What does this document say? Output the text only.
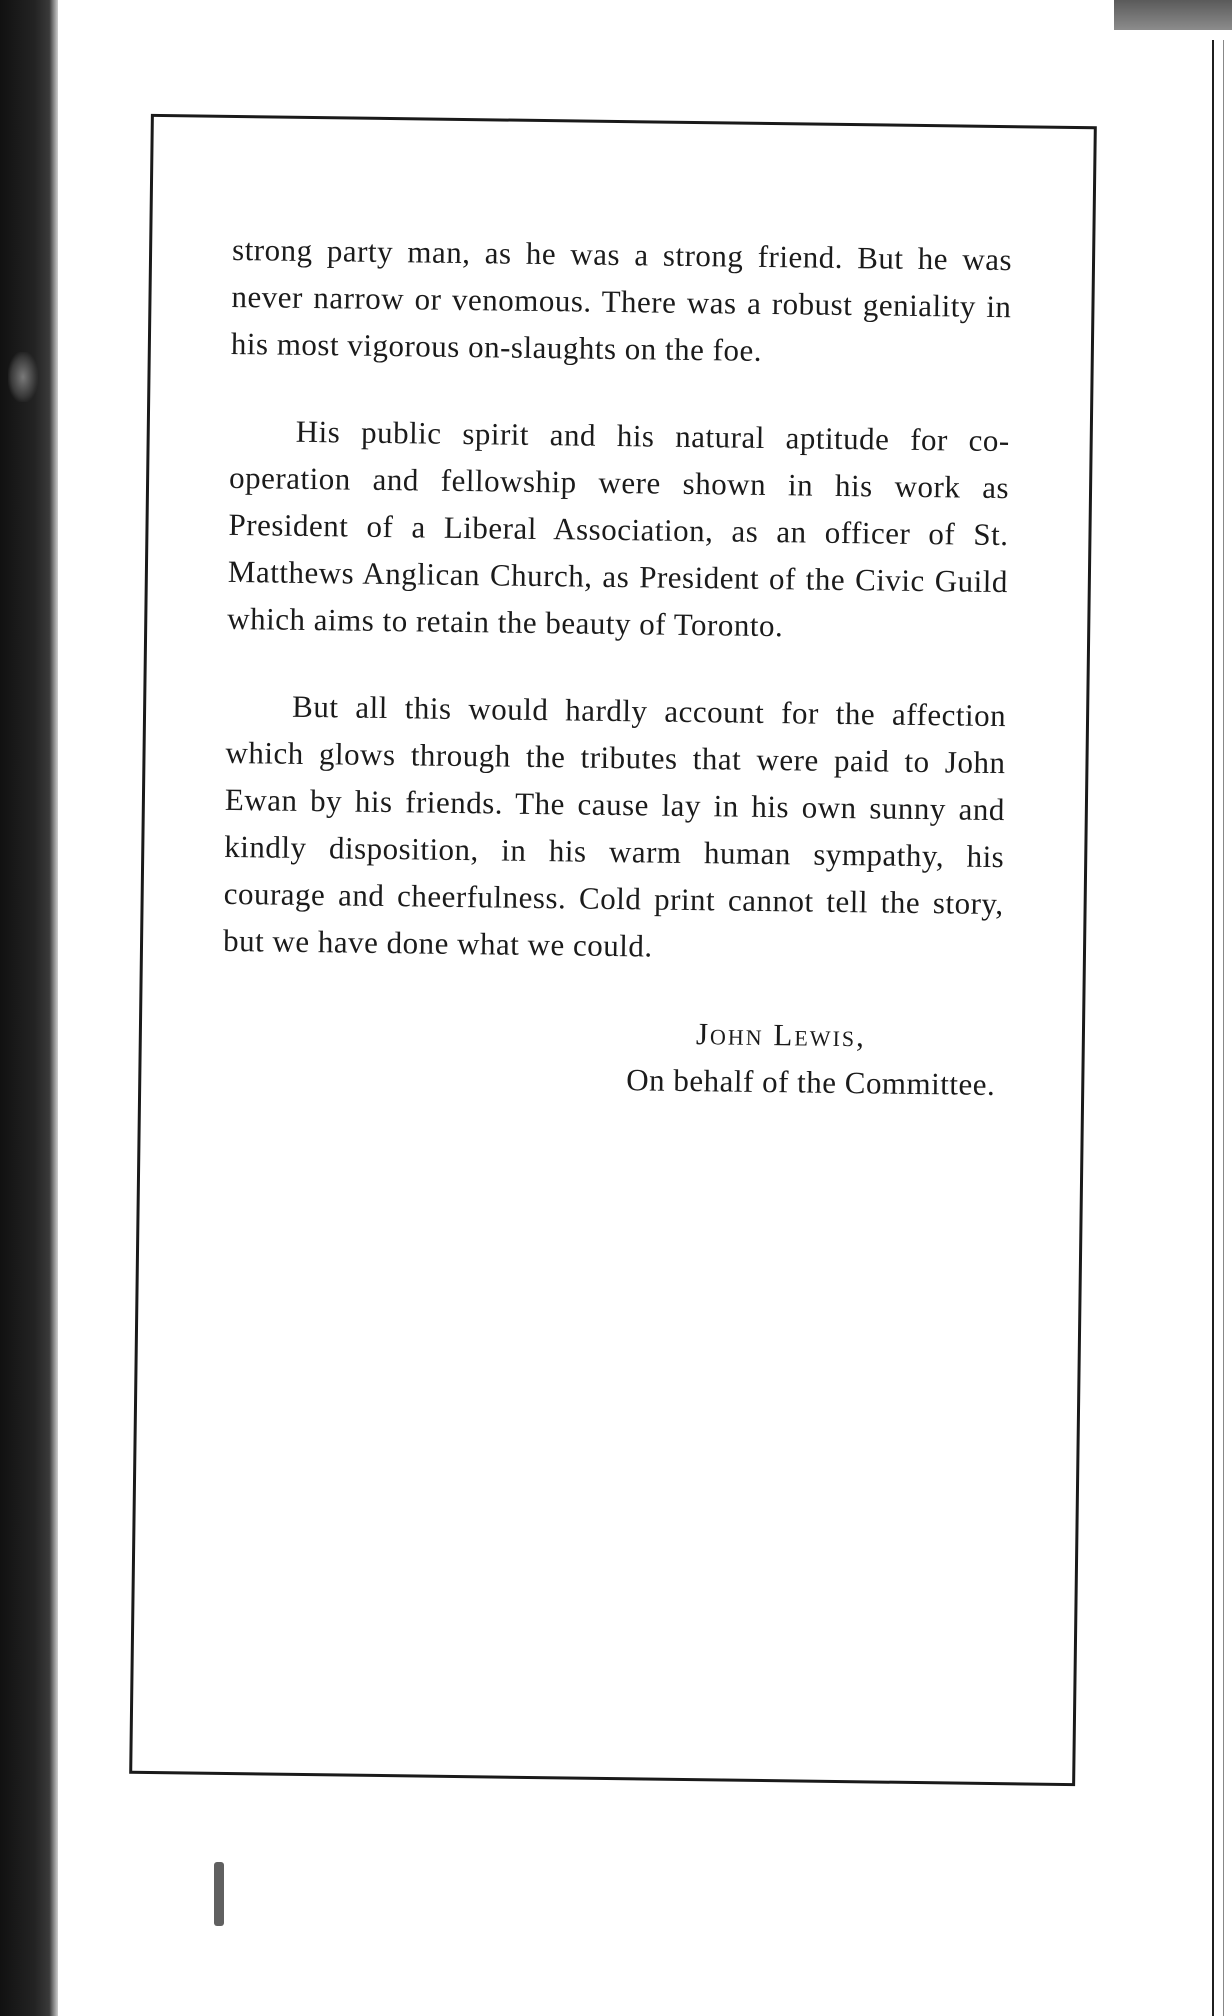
strong party man, as he was a strong friend. But he was never narrow or venomous. There was a robust geniality in his most vigorous on-slaughts on the foe.

His public spirit and his natural aptitude for co-operation and fellowship were shown in his work as President of a Liberal Association, as an officer of St. Matthews Anglican Church, as President of the Civic Guild which aims to retain the beauty of Toronto.

But all this would hardly account for the affection which glows through the tributes that were paid to John Ewan by his friends. The cause lay in his own sunny and kindly disposition, in his warm human sympathy, his courage and cheerfulness. Cold print cannot tell the story, but we have done what we could.

John Lewis,
On behalf of the Committee.
